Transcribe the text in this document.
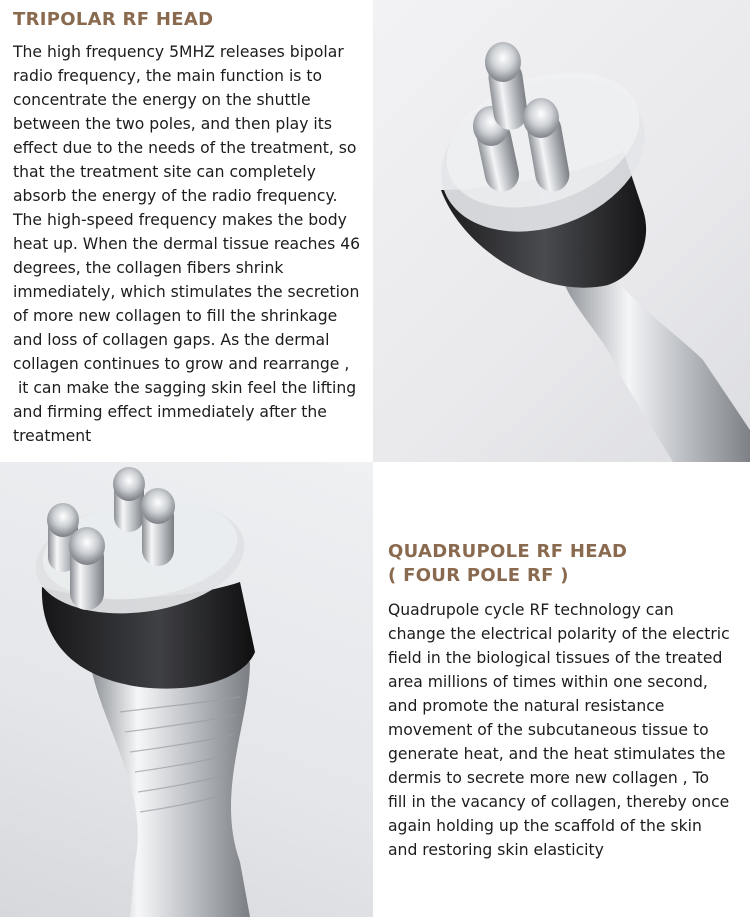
TRIPOLAR RF HEAD

The high frequency 5MHZ releases bipolar

radio frequency, the main function is to

concentrate the energy on the shuttle

between the two poles, and then play its

effect due to the needs of the treatment, so

that the treatment site can completely

absorb the energy of the radio frequency.

The high-speed frequency makes the body

heat up. When the dermal tissue reaches 46

degrees, the collagen fibers shrink

immediately, which stimulates the secretion

of more new collagen to fill the shrinkage

and loss of collagen gaps. As the dermal

collagen continues to grow and rearrange ,

it can make the sagging skin feel the lifting

and firming effect immediately after the

treatment

QUADRUPOLE RF HEAD
( FOUR POLE RF )

Quadrupole cycle RF technology can

change the electrical polarity of the electric

field in the biological tissues of the treated

area millions of times within one second,

and promote the natural resistance

movement of the subcutaneous tissue to

generate heat, and the heat stimulates the

dermis to secrete more new collagen , To

fill in the vacancy of collagen, thereby once

again holding up the scaffold of the skin

and restoring skin elasticity
